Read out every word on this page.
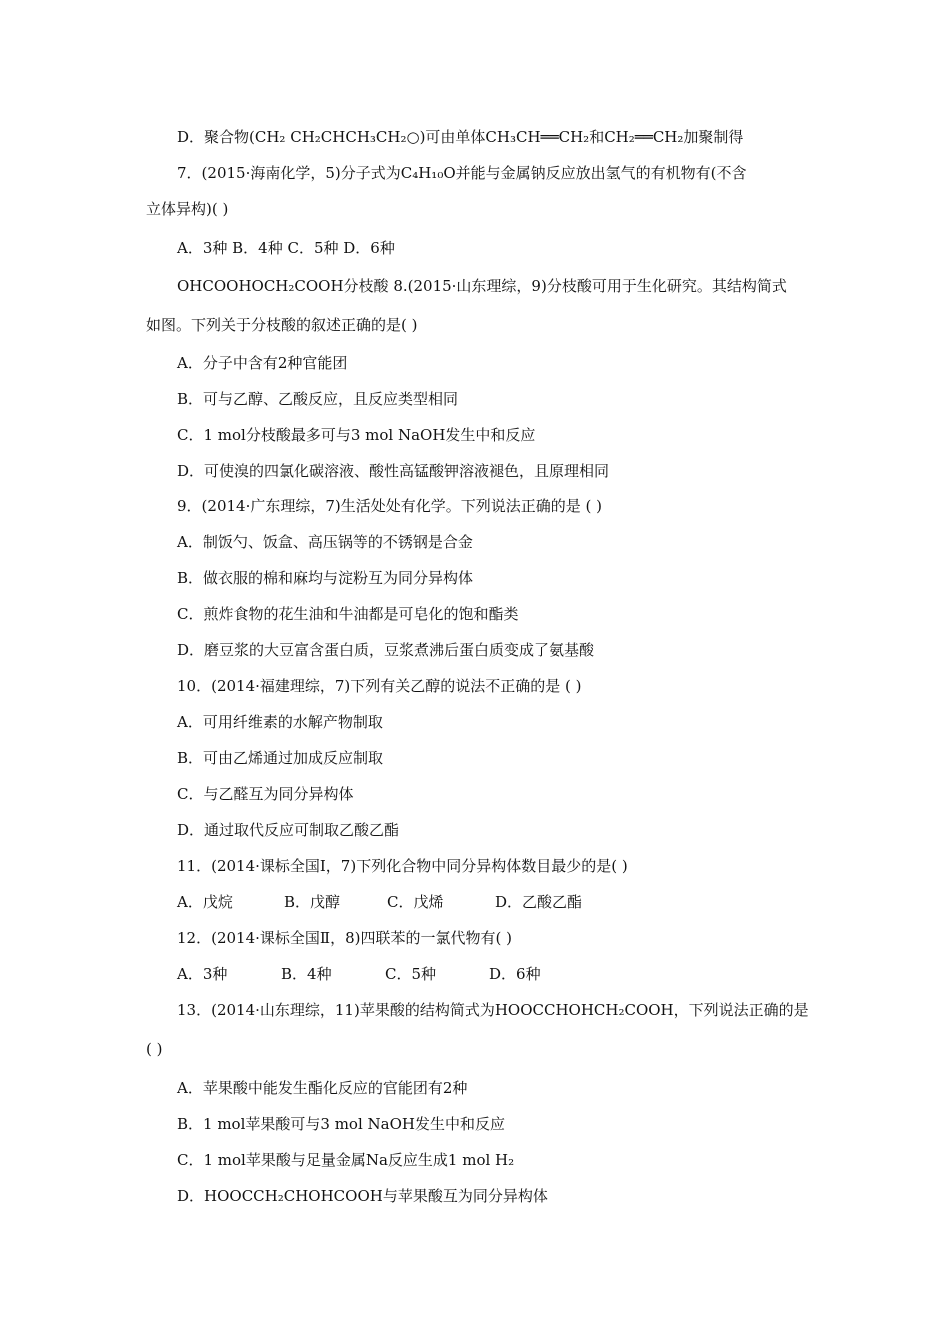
D．聚合物(CH₂ CH₂CHCH₃CH₂○)可由单体CH₃CH══CH₂和CH₂══CH₂加聚制得
7．(2015·海南化学，5)分子式为C₄H₁₀O并能与金属钠反应放出氢气的有机物有(不含
立体异构)( )
A．3种 B．4种 C．5种 D．6种
OHCOOHOCH₂COOH分枝酸 8.(2015·山东理综，9)分枝酸可用于生化研究。其结构简式
如图。下列关于分枝酸的叙述正确的是( )
A．分子中含有2种官能团
B．可与乙醇、乙酸反应，且反应类型相同
C．1 mol分枝酸最多可与3 mol NaOH发生中和反应
D．可使溴的四氯化碳溶液、酸性高锰酸钾溶液褪色，且原理相同
9．(2014·广东理综，7)生活处处有化学。下列说法正确的是 ( )
A．制饭勺、饭盒、高压锅等的不锈钢是合金
B．做衣服的棉和麻均与淀粉互为同分异构体
C．煎炸食物的花生油和牛油都是可皂化的饱和酯类
D．磨豆浆的大豆富含蛋白质，豆浆煮沸后蛋白质变成了氨基酸
10．(2014·福建理综，7)下列有关乙醇的说法不正确的是 ( )
A．可用纤维素的水解产物制取
B．可由乙烯通过加成反应制取
C．与乙醛互为同分异构体
D．通过取代反应可制取乙酸乙酯
11．(2014·课标全国Ⅰ，7)下列化合物中同分异构体数目最少的是( )
A．戊烷	B．戊醇	C．戊烯	D．乙酸乙酯
12．(2014·课标全国Ⅱ，8)四联苯的一氯代物有( )
A．3种	B．4种	C．5种	D．6种
13．(2014·山东理综，11)苹果酸的结构简式为HOOCCHOHCH₂COOH，下列说法正确的是
( )
A．苹果酸中能发生酯化反应的官能团有2种
B．1 mol苹果酸可与3 mol NaOH发生中和反应
C．1 mol苹果酸与足量金属Na反应生成1 mol H₂
D．HOOCCH₂CHOHCOOH与苹果酸互为同分异构体
